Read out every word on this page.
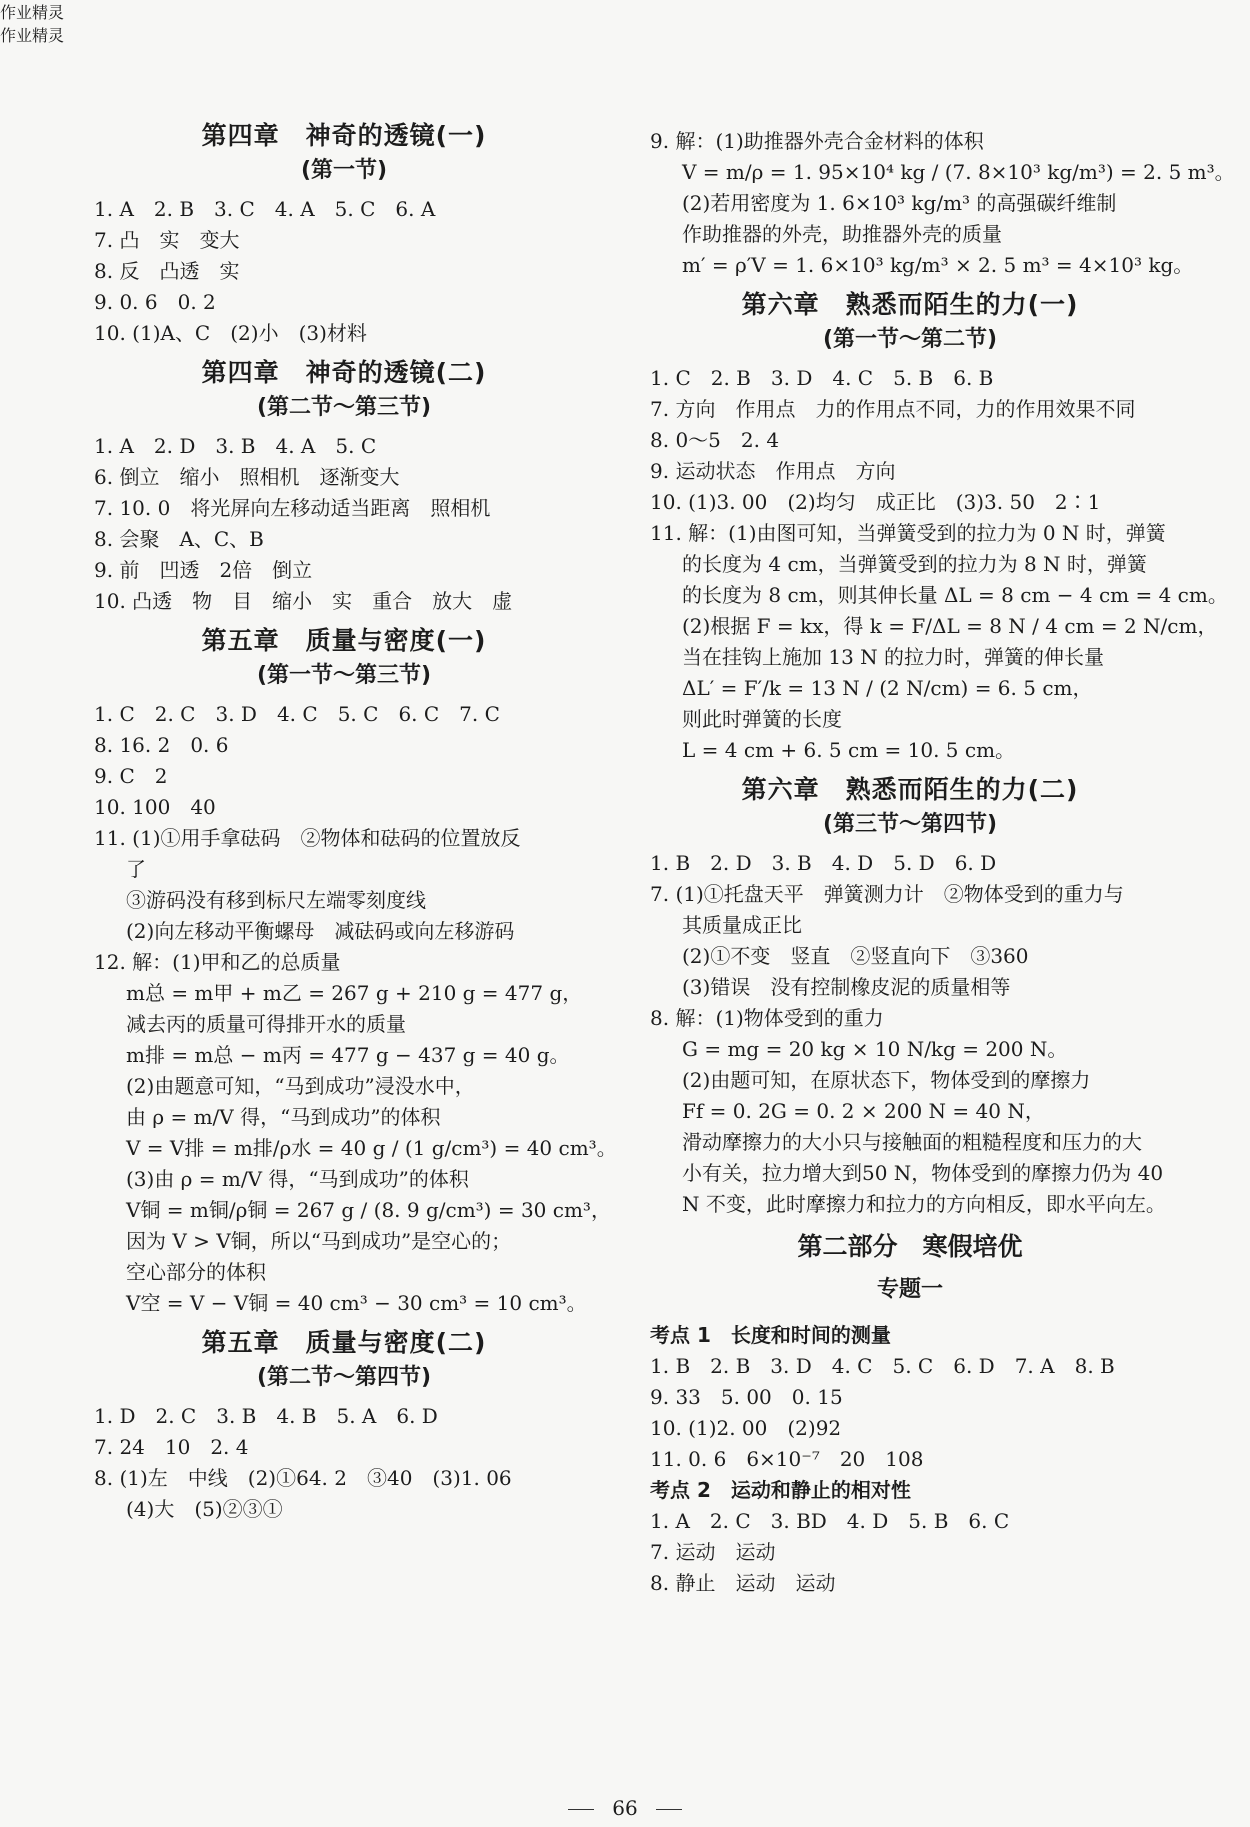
作业精灵
作业精灵
第四章　神奇的透镜(一)
(第一节)
1. A　2. B　3. C　4. A　5. C　6. A
7. 凸　实　变大
8. 反　凸透　实
9. 0. 6　0. 2
10. (1)A、C　(2)小　(3)材料
第四章　神奇的透镜(二)
(第二节～第三节)
1. A　2. D　3. B　4. A　5. C
6. 倒立　缩小　照相机　逐渐变大
7. 10. 0　将光屏向左移动适当距离　照相机
8. 会聚　A、C、B
9. 前　凹透　2倍　倒立
10. 凸透　物　目　缩小　实　重合　放大　虚
第五章　质量与密度(一)
(第一节～第三节)
1. C　2. C　3. D　4. C　5. C　6. C　7. C
8. 16. 2　0. 6
9. C　2
10. 100　40
11. (1)①用手拿砝码　②物体和砝码的位置放反
了
③游码没有移到标尺左端零刻度线
(2)向左移动平衡螺母　减砝码或向左移游码
12. 解：(1)甲和乙的总质量
m总 = m甲 + m乙 = 267 g + 210 g = 477 g，
减去丙的质量可得排开水的质量
m排 = m总 − m丙 = 477 g − 437 g = 40 g。
(2)由题意可知，“马到成功”浸没水中，
由 ρ = m/V 得，“马到成功”的体积
V = V排 = m排/ρ水 = 40 g / (1 g/cm³) = 40 cm³。
(3)由 ρ = m/V 得，“马到成功”的体积
V铜 = m铜/ρ铜 = 267 g / (8. 9 g/cm³) = 30 cm³，
因为 V > V铜，所以“马到成功”是空心的；
空心部分的体积
V空 = V − V铜 = 40 cm³ − 30 cm³ = 10 cm³。
第五章　质量与密度(二)
(第二节～第四节)
1. D　2. C　3. B　4. B　5. A　6. D
7. 24　10　2. 4
8. (1)左　中线　(2)①64. 2　③40　(3)1. 06
(4)大　(5)②③①
9. 解：(1)助推器外壳合金材料的体积
V = m/ρ = 1. 95×10⁴ kg / (7. 8×10³ kg/m³) = 2. 5 m³。
(2)若用密度为 1. 6×10³ kg/m³ 的高强碳纤维制
作助推器的外壳，助推器外壳的质量
m′ = ρ′V = 1. 6×10³ kg/m³ × 2. 5 m³ = 4×10³ kg。
第六章　熟悉而陌生的力(一)
(第一节～第二节)
1. C　2. B　3. D　4. C　5. B　6. B
7. 方向　作用点　力的作用点不同，力的作用效果不同
8. 0～5　2. 4
9. 运动状态　作用点　方向
10. (1)3. 00　(2)均匀　成正比　(3)3. 50　2∶1
11. 解：(1)由图可知，当弹簧受到的拉力为 0 N 时，弹簧
的长度为 4 cm，当弹簧受到的拉力为 8 N 时，弹簧
的长度为 8 cm，则其伸长量 ΔL = 8 cm − 4 cm = 4 cm。
(2)根据 F = kx，得 k = F/ΔL = 8 N / 4 cm = 2 N/cm，
当在挂钩上施加 13 N 的拉力时，弹簧的伸长量
ΔL′ = F′/k = 13 N / (2 N/cm) = 6. 5 cm，
则此时弹簧的长度
L = 4 cm + 6. 5 cm = 10. 5 cm。
第六章　熟悉而陌生的力(二)
(第三节～第四节)
1. B　2. D　3. B　4. D　5. D　6. D
7. (1)①托盘天平　弹簧测力计　②物体受到的重力与
其质量成正比
(2)①不变　竖直　②竖直向下　③360
(3)错误　没有控制橡皮泥的质量相等
8. 解：(1)物体受到的重力
G = mg = 20 kg × 10 N/kg = 200 N。
(2)由题可知，在原状态下，物体受到的摩擦力
Ff = 0. 2G = 0. 2 × 200 N = 40 N，
滑动摩擦力的大小只与接触面的粗糙程度和压力的大
小有关，拉力增大到50 N，物体受到的摩擦力仍为 40
N 不变，此时摩擦力和拉力的方向相反，即水平向左。
第二部分　寒假培优
专题一
考点 1　长度和时间的测量
1. B　2. B　3. D　4. C　5. C　6. D　7. A　8. B
9. 33　5. 00　0. 15
10. (1)2. 00　(2)92
11. 0. 6　6×10⁻⁷　20　108
考点 2　运动和静止的相对性
1. A　2. C　3. BD　4. D　5. B　6. C
7. 运动　运动
8. 静止　运动　运动
66
